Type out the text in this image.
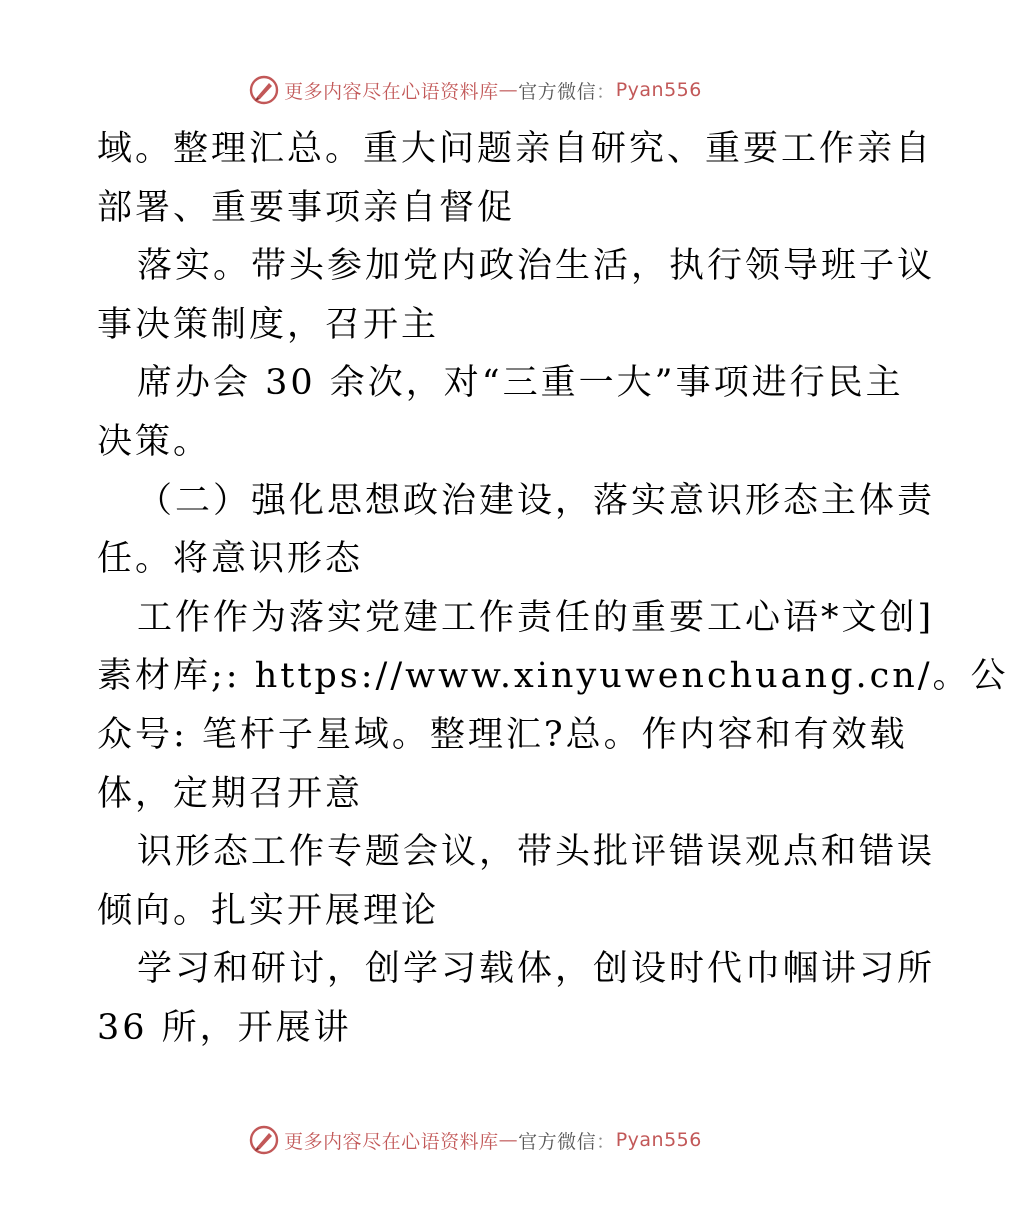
更多内容尽在心语资料库 — 官方微信 ： Pyan556
域。整理汇总。重大问题亲自研究、重要工作亲自
部署、重要事项亲自督促
落实。带头参加党内政治生活，执行领导班子议
事决策制度，召开主
席办会 30 余次，对“三重一大”事项进行民主
决策。
（二）强化思想政治建设，落实意识形态主体责
任。将意识形态
工作作为落实党建工作责任的重要工心语*文创]
素材库;: https://www.xinyuwenchuang.cn/。公
众号: 笔杆子星域。整理汇?总。作内容和有效载
体，定期召开意
识形态工作专题会议，带头批评错误观点和错误
倾向。扎实开展理论
学习和研讨，创学习载体，创设时代巾帼讲习所
36 所，开展讲
更多内容尽在心语资料库 — 官方微信 ： Pyan556
